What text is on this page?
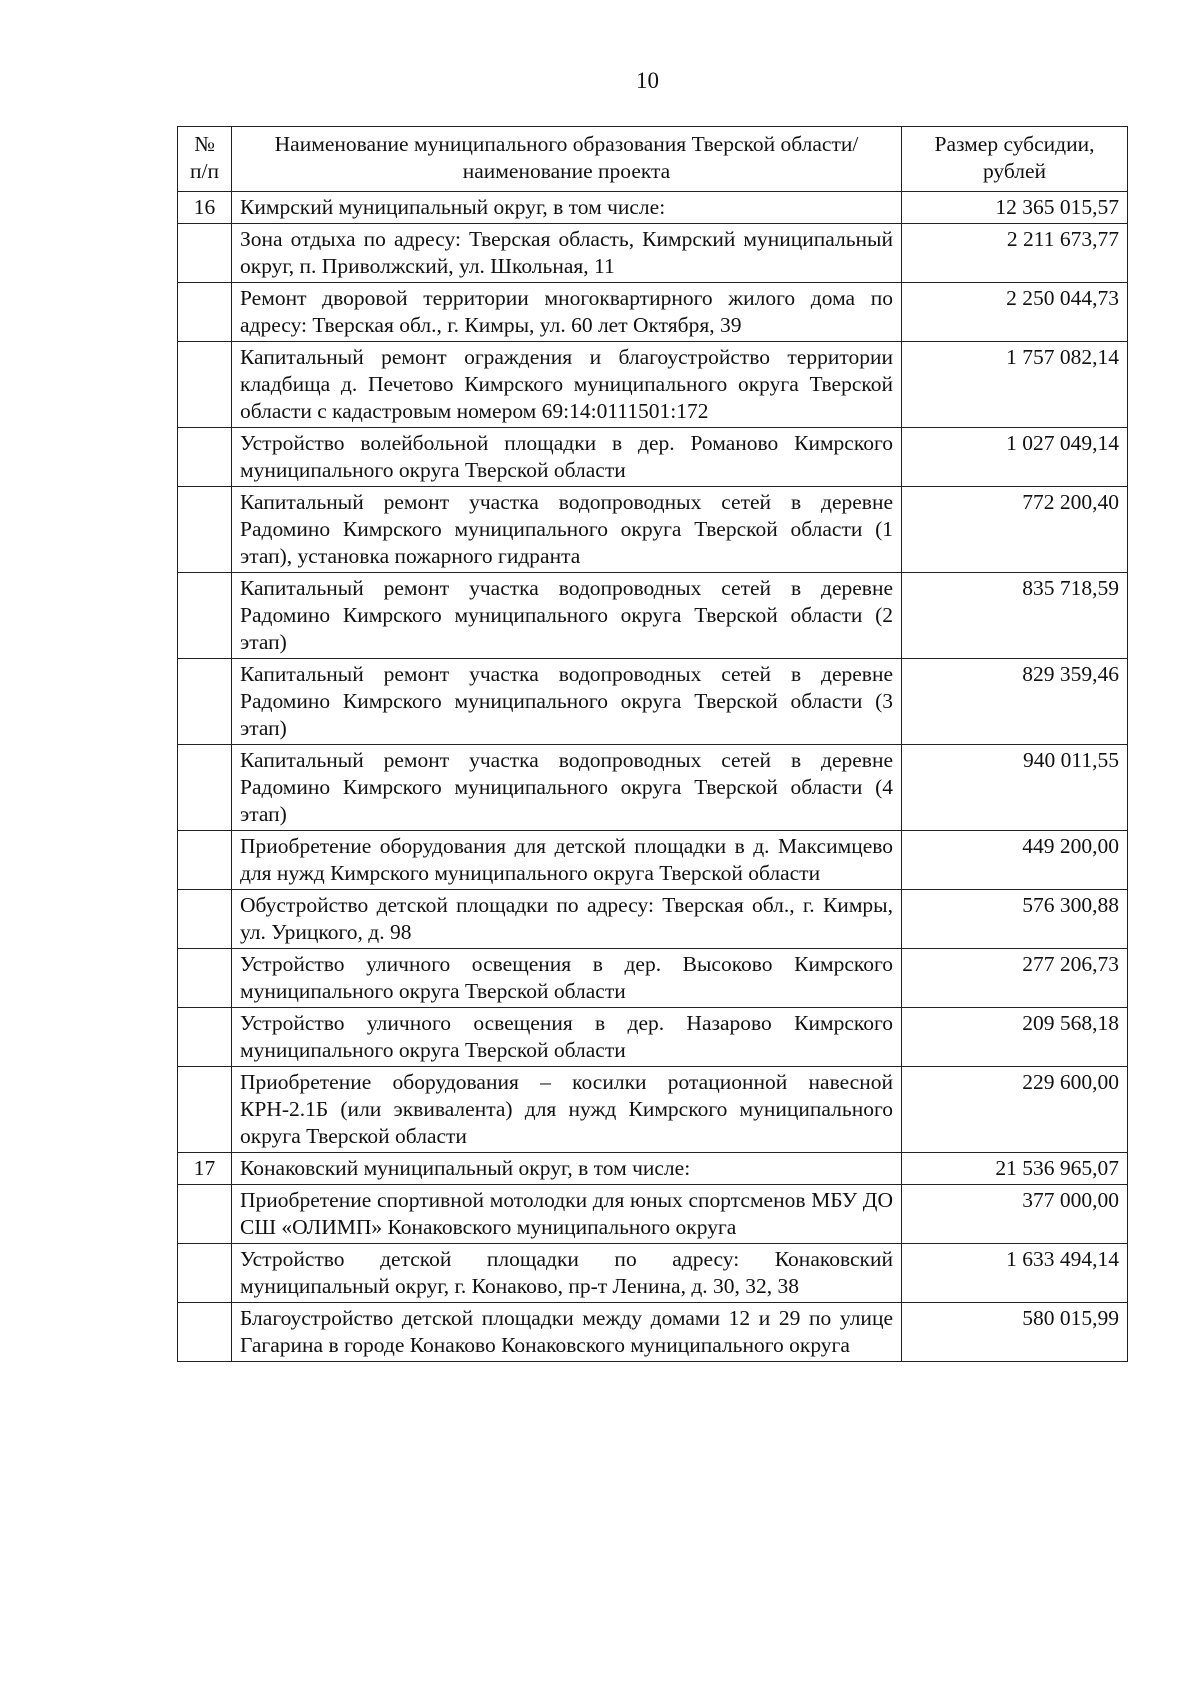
10
№ п/п	Наименование муниципального образования Тверской области/наименование проекта	Размер субсидии, рублей
16	Кимрский муниципальный округ, в том числе:	12 365 015,57
	Зона отдыха по адресу: Тверская область, Кимрский муниципальный округ, п. Приволжский, ул. Школьная, 11	2 211 673,77
	Ремонт дворовой территории многоквартирного жилого дома по адресу: Тверская обл., г. Кимры, ул. 60 лет Октября, 39	2 250 044,73
	Капитальный ремонт ограждения и благоустройство территории кладбища д. Печетово Кимрского муниципального округа Тверской области с кадастровым номером 69:14:0111501:172	1 757 082,14
	Устройство волейбольной площадки в дер. Романово Кимрского муниципального округа Тверской области	1 027 049,14
	Капитальный ремонт участка водопроводных сетей в деревне Радомино Кимрского муниципального округа Тверской области (1 этап), установка пожарного гидранта	772 200,40
	Капитальный ремонт участка водопроводных сетей в деревне Радомино Кимрского муниципального округа Тверской области (2 этап)	835 718,59
	Капитальный ремонт участка водопроводных сетей в деревне Радомино Кимрского муниципального округа Тверской области (3 этап)	829 359,46
	Капитальный ремонт участка водопроводных сетей в деревне Радомино Кимрского муниципального округа Тверской области (4 этап)	940 011,55
	Приобретение оборудования для детской площадки в д. Максимцево для нужд Кимрского муниципального округа Тверской области	449 200,00
	Обустройство детской площадки по адресу: Тверская обл., г. Кимры, ул. Урицкого, д. 98	576 300,88
	Устройство уличного освещения в дер. Высоково Кимрского муниципального округа Тверской области	277 206,73
	Устройство уличного освещения в дер. Назарово Кимрского муниципального округа Тверской области	209 568,18
	Приобретение оборудования – косилки ротационной навесной КРН-2.1Б (или эквивалента) для нужд Кимрского муниципального округа Тверской области	229 600,00
17	Конаковский муниципальный округ, в том числе:	21 536 965,07
	Приобретение спортивной мотолодки для юных спортсменов МБУ ДО СШ «ОЛИМП» Конаковского муниципального округа	377 000,00
	Устройство детской площадки по адресу: Конаковский муниципальный округ, г. Конаково, пр-т Ленина, д. 30, 32, 38	1 633 494,14
	Благоустройство детской площадки между домами 12 и 29 по улице Гагарина в городе Конаково Конаковского муниципального округа	580 015,99
